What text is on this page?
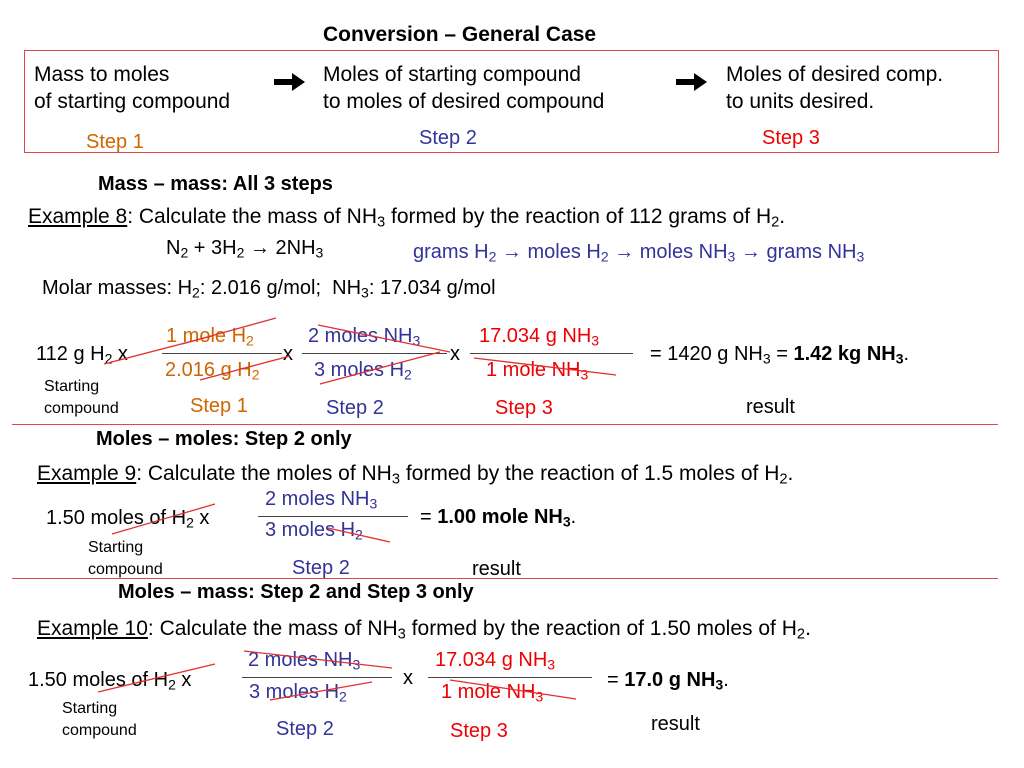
Conversion – General Case
Mass to moles
of starting compound
Moles of starting compound
to moles of desired compound
Moles of desired comp.
to units desired.
Step 1	Step 2	Step 3
Mass – mass: All 3 steps
Example 8: Calculate the mass of $NH_3$ formed by the reaction of 112 grams of $H_2$.
$N_2 + 3H_2 \to 2NH_3$	grams $H_2$ → moles $H_2$ → moles $NH_3$ → grams $NH_3$
Molar masses: $H_2$: 2.016 g/mol;  $NH_3$: 17.034 g/mol
112 g $H_2$ x
1 mole $H_2$
2.016 g $H_2$
x
2 moles $NH_3$
3 moles $H_2$
x
17.034 g $NH_3$
1 mole $NH_3$
= 1420 g $NH_3 = 1.42$ kg $NH_3$.
Starting
compound	Step 1	Step 2	Step 3	result
Moles – moles: Step 2 only
Example 9: Calculate the moles of $NH_3$ formed by the reaction of 1.5 moles of $H_2$.
1.50 moles of $H_2$ x
2 moles $NH_3$
3 moles $H_2$
= 1.00 mole $NH_3$.
Starting
compound	Step 2	result
Moles – mass: Step 2 and Step 3 only
Example 10: Calculate the mass of $NH_3$ formed by the reaction of 1.50 moles of $H_2$.
1.50 moles of $H_2$ x
2 moles $NH_3$
3 moles $H_2$
x
17.034 g $NH_3$
1 mole $NH_3$
= 17.0 g $NH_3$.
Starting
compound	Step 2	Step 3	result
